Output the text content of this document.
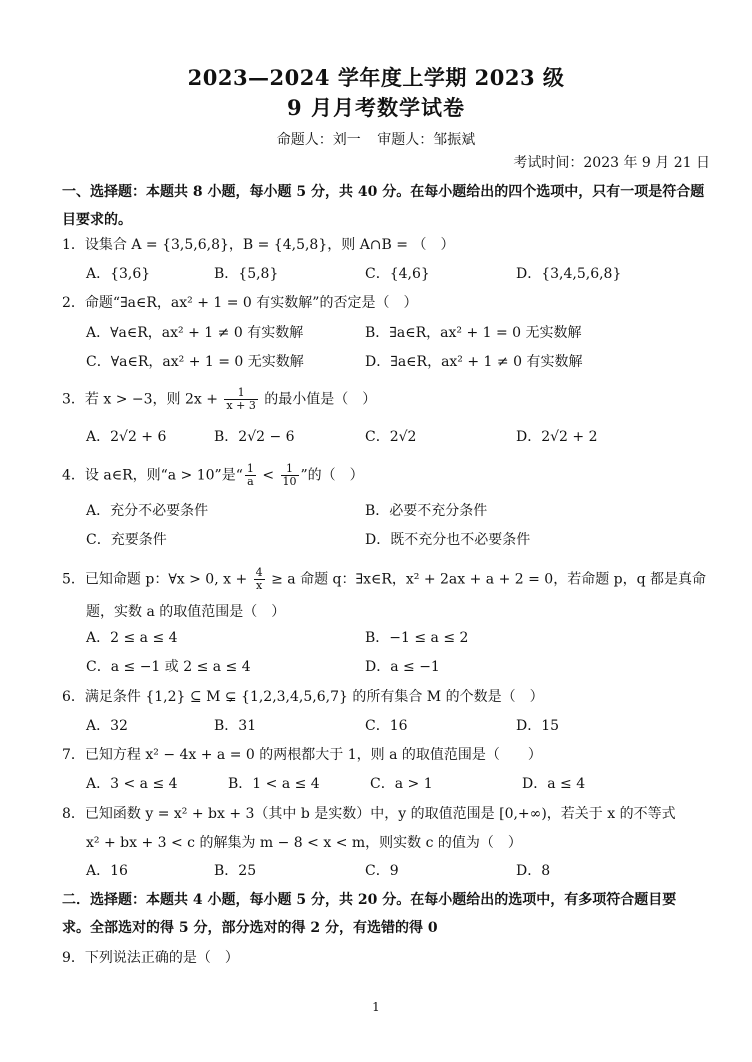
2023—2024 学年度上学期 2023 级
9 月月考数学试卷
命题人：刘一 审题人：邹振斌
考试时间：2023 年 9 月 21 日
一、选择题：本题共 8 小题，每小题 5 分，共 40 分。在每小题给出的四个选项中，只有一项是符合题
目要求的。
1．设集合 A = {3,5,6,8}，B = {4,5,8}，则 A∩B = （　）
A．{3,6}	B．{5,8}	C．{4,6}	D．{3,4,5,6,8}
2．命题“∃a∈R，ax² + 1 = 0 有实数解”的否定是（　）
A．∀a∈R，ax² + 1 ≠ 0 有实数解	B．∃a∈R，ax² + 1 = 0 无实数解
C．∀a∈R，ax² + 1 = 0 无实数解	D．∃a∈R，ax² + 1 ≠ 0 有实数解
3．若 x > −3，则 $2x + \frac{1}{x + 3}$ 的最小值是（　）
A．2√2 + 6	B．2√2 − 6	C．2√2	D．2√2 + 2
4．设 a∈R，则“a > 10”是“ $\frac{1}{a} < \frac{1}{10}$ ”的（　）
A．充分不必要条件	B．必要不充分条件
C．充要条件	D．既不充分也不必要条件
5．已知命题 p：∀x > 0, $x + \frac{4}{x} \ge a$ 命题 q：∃x∈R，x² + 2ax + a + 2 = 0，若命题 p，q 都是真命
题，实数 a 的取值范围是（　）
A．2 ≤ a ≤ 4	B．−1 ≤ a ≤ 2
C．a ≤ −1 或 2 ≤ a ≤ 4	D．a ≤ −1
6．满足条件 {1,2} ⊆ M ⊊ {1,2,3,4,5,6,7} 的所有集合 M 的个数是（　）
A．32	B．31	C．16	D．15
7．已知方程 x² − 4x + a = 0 的两根都大于 1，则 a 的取值范围是（　　）
A．3 < a ≤ 4	B．1 < a ≤ 4	C．a > 1	D．a ≤ 4
8．已知函数 y = x² + bx + 3（其中 b 是实数）中，y 的取值范围是 [0,+∞)，若关于 x 的不等式
x² + bx + 3 < c 的解集为 m − 8 < x < m，则实数 c 的值为（　）
A．16	B．25	C．9	D．8
二．选择题：本题共 4 小题，每小题 5 分，共 20 分。在每小题给出的选项中，有多项符合题目要
求。全部选对的得 5 分，部分选对的得 2 分，有选错的得 0
9．下列说法正确的是（　）
1
